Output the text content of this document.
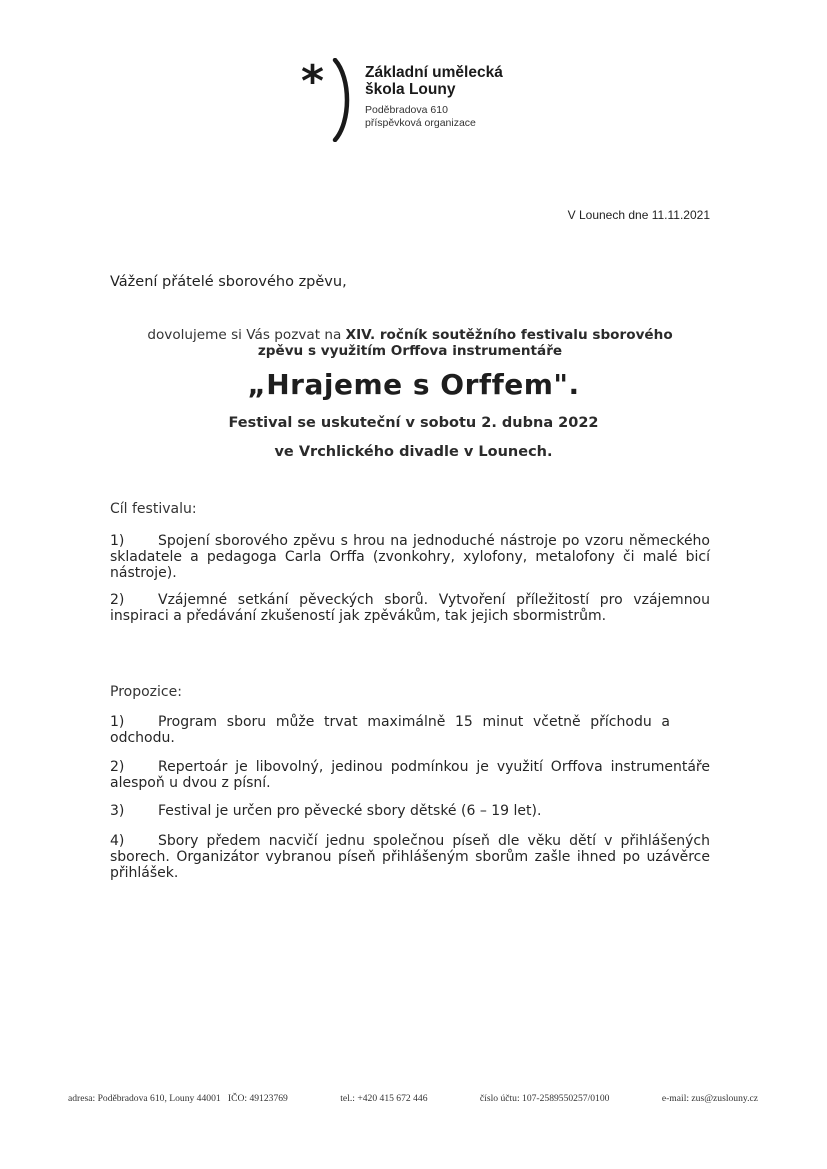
*	Základní umělecká
škola Louny
Poděbradova 610
příspěvková organizace
V Lounech dne 11.11.2021
Vážení přátelé sborového zpěvu,
dovolujeme si Vás pozvat na XIV. ročník soutěžního festivalu sborového
zpěvu s využitím Orffova instrumentáře
„Hrajeme s Orffem".
Festival se uskuteční v sobotu 2. dubna 2022
ve Vrchlického divadle v Lounech.
Cíl festivalu:
1) Spojení sborového zpěvu s hrou na jednoduché nástroje po vzoru německého skladatele a pedagoga Carla Orffa (zvonkohry, xylofony, metalofony či malé bicí nástroje).
2) Vzájemné setkání pěveckých sborů. Vytvoření příležitostí pro vzájemnou inspiraci a předávání zkušeností jak zpěvákům, tak jejich sbormistrům.
Propozice:
1) Program sboru může trvat maximálně 15 minut včetně příchodu a odchodu.
2) Repertoár je libovolný, jedinou podmínkou je využití Orffova instrumentáře alespoň u dvou z písní.
3) Festival je určen pro pěvecké sbory dětské (6 – 19 let).
4) Sbory předem nacvičí jednu společnou píseň dle věku dětí v přihlášených sborech. Organizátor vybranou píseň přihlášeným sborům zašle ihned po uzávěrce přihlášek.
adresa: Poděbradova 610, Louny 44001 IČO: 49123769	tel.: +420 415 672 446	číslo účtu: 107-2589550257/0100	e-mail: zus@zuslouny.cz
